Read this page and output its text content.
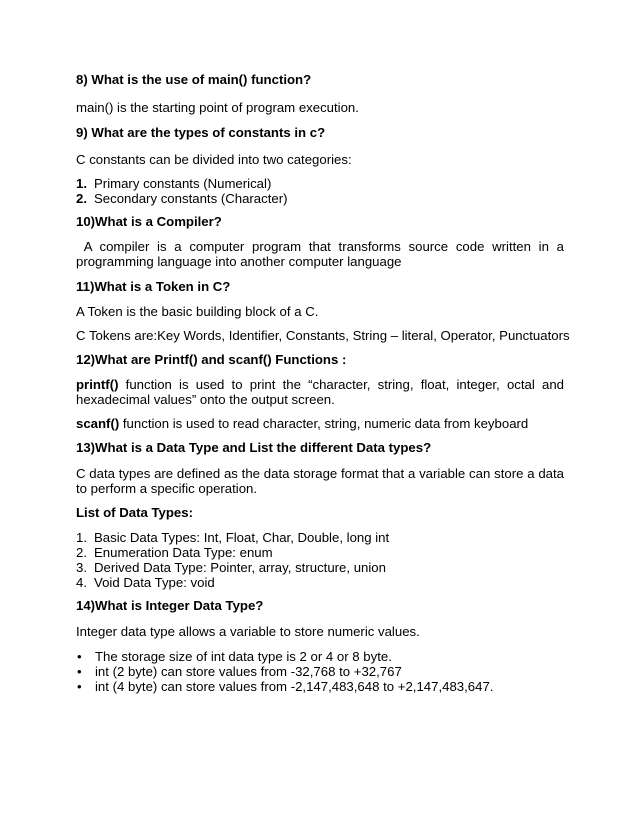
8) What is the use of main() function?
main() is the starting point of program execution.
9) What are the types of constants in c?
C constants can be divided into two categories:
1. Primary constants (Numerical)
2. Secondary constants (Character)
10)What is a Compiler?
A compiler is a computer program that transforms source code written in a programming language into another computer language
11)What is a Token in C?
A Token is the basic building block of a C.
C Tokens are:Key Words, Identifier, Constants, String – literal, Operator, Punctuators
12)What are Printf() and scanf() Functions :
printf() function is used to print the “character, string, float, integer, octal and hexadecimal values” onto the output screen.
scanf() function is used to read character, string, numeric data from keyboard
13)What is a Data Type and List the different Data types?
C data types are defined as the data storage format that a variable can store a data to perform a specific operation.
List of Data Types:
1. Basic Data Types: Int, Float, Char, Double, long int
2. Enumeration Data Type: enum
3. Derived Data Type: Pointer, array, structure, union
4. Void Data Type: void
14)What is Integer Data Type?
Integer data type allows a variable to store numeric values.
• The storage size of int data type is 2 or 4 or 8 byte.
• int (2 byte) can store values from -32,768 to +32,767
• int (4 byte) can store values from -2,147,483,648 to +2,147,483,647.
